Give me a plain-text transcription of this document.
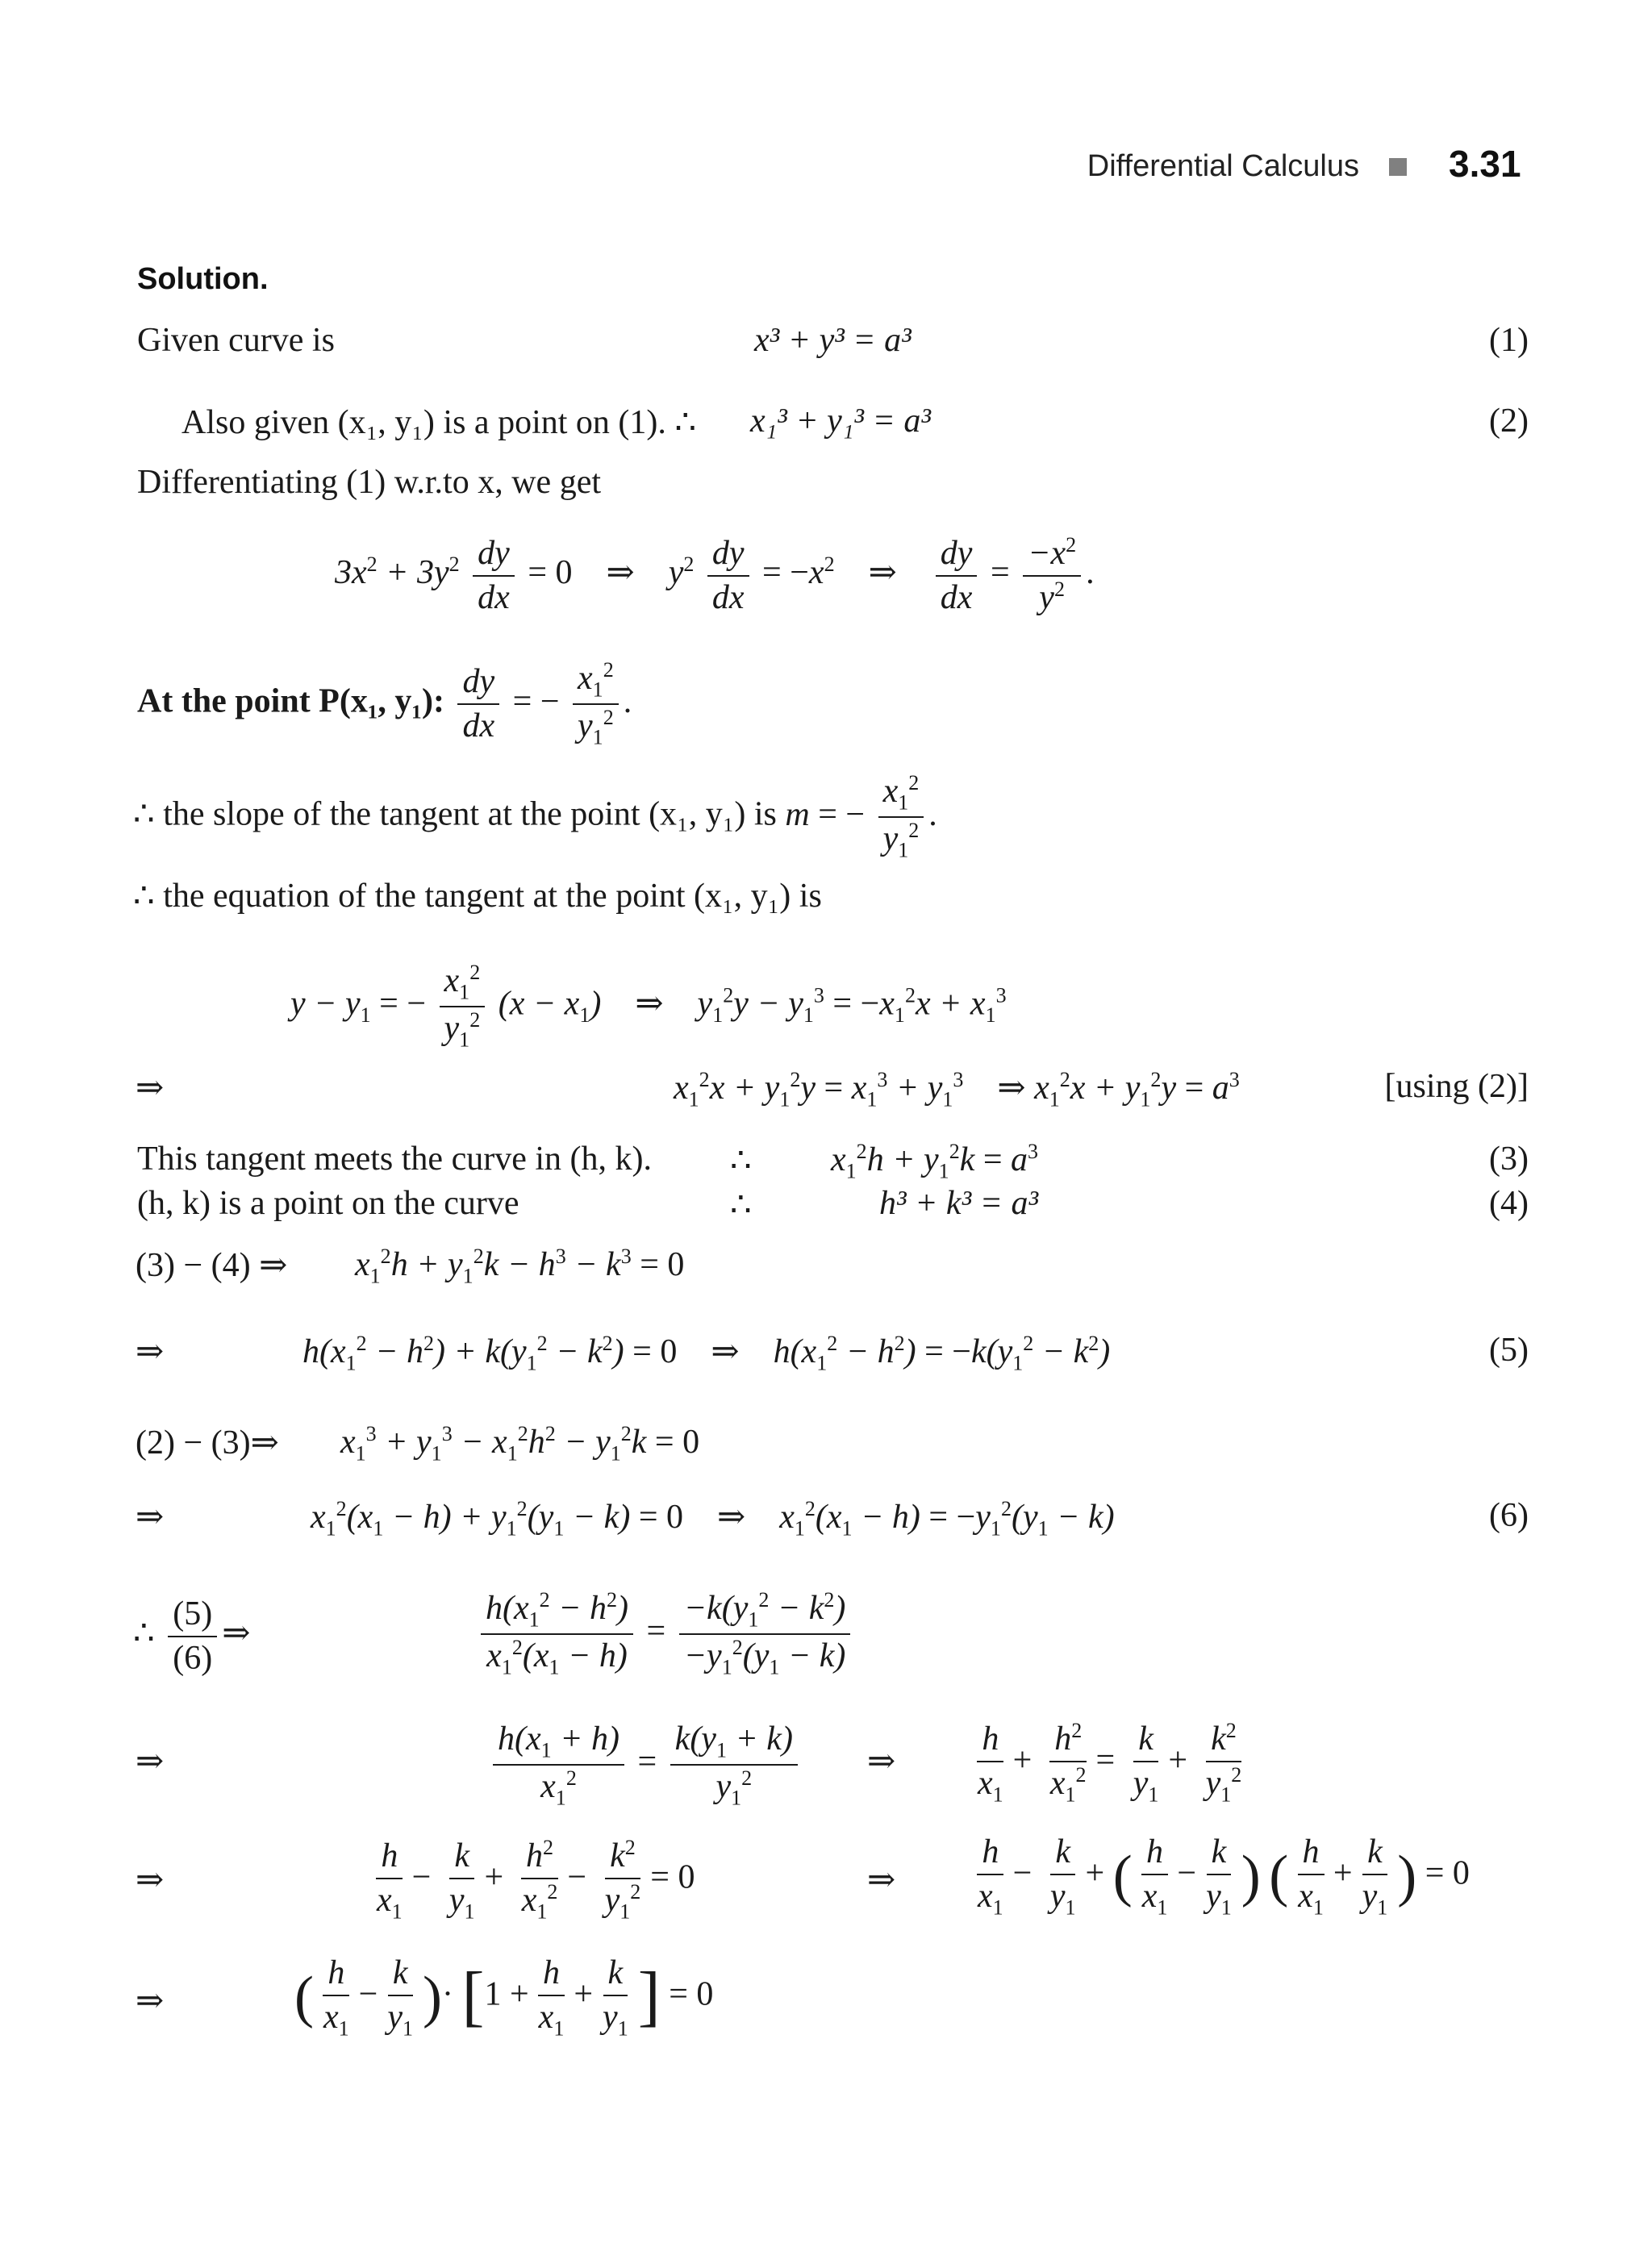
Differential Calculus 3.31
Solution.
Given curve is	x³ + y³ = a³	(1)
Also given (x₁, y₁) is a point on (1). ∴ x₁³ + y₁³ = a³	(2)
Differentiating (1) w.r.to x, we get
$3x^2 + 3y^2 \frac{dy}{dx} = 0$    ⇒    $y^2 \frac{dy}{dx} = -x^2$    ⇒ $\frac{dy}{dx} = \frac{-x^2}{y^2}$ .
At the point P(x₁, y₁): $\frac{dy}{dx}$ = − $\frac{x_1^2}{y_1^2}$ .
∴ the slope of the tangent at the point (x₁, y₁) is m = − $\frac{x_1^2}{y_1^2}$ .
∴ the equation of the tangent at the point (x₁, y₁) is
$y - y_1$ = − $\frac{x_1^2}{y_1^2} (x - x_1)$    ⇒    $y_1^2y - y_1^3 = -x_1^2x + x_1^3$
⇒	$x_1^2x + y_1^2y = x_1^3 + y_1^3$    ⇒ $x_1^2x + y_1^2y = a^3$	[using (2)]
This tangent meets the curve in (h, k). ∴ $x_1^2h + y_1^2k = a^3$	(3)
(h, k) is a point on the curve	∴	h³ + k³ = a³	(4)
(3) − (4) ⇒ $x_1^2h + y_1^2k - h^3 - k^3 = 0$
⇒	$h(x_1^2 - h^2) + k(y_1^2 - k^2) = 0$    ⇒    $h(x_1^2 - h^2) = -k(y_1^2 - k^2)$	(5)
(2) − (3)⇒ $x_1^3 + y_1^3 - x_1^2h^2 - y_1^2k = 0$
⇒	$x_1^2(x_1 - h) + y_1^2(y_1 - k) = 0$    ⇒    $x_1^2(x_1 - h) = -y_1^2(y_1 - k)$	(6)
∴ $\frac{(5)}{(6)}$ ⇒	$\frac{h(x_1^2 - h^2)}{x_1^2(x_1 - h)} = \frac{-k(y_1^2 - k^2)}{-y_1^2(y_1 - k)}$
⇒	$\frac{h(x_1 + h)}{x_1^2} = \frac{k(y_1 + k)}{y_1^2}$ ⇒ $\frac{h}{x_1} + \frac{h^2}{x_1^2} = \frac{k}{y_1} + \frac{k^2}{y_1^2}$
⇒	$\frac{h}{x_1} - \frac{k}{y_1} + \frac{h^2}{x_1^2} - \frac{k^2}{y_1^2} = 0$	⇒ $\frac{h}{x_1} - \frac{k}{y_1}$ + ( $\frac{h}{x_1} - \frac{k}{y_1}$ ) ( $\frac{h}{x_1} + \frac{k}{y_1}$ ) = 0
⇒ ( $\frac{h}{x_1} - \frac{k}{y_1}$ )· [$1 + \frac{h}{x_1} + \frac{k}{y_1}$ ] = 0
